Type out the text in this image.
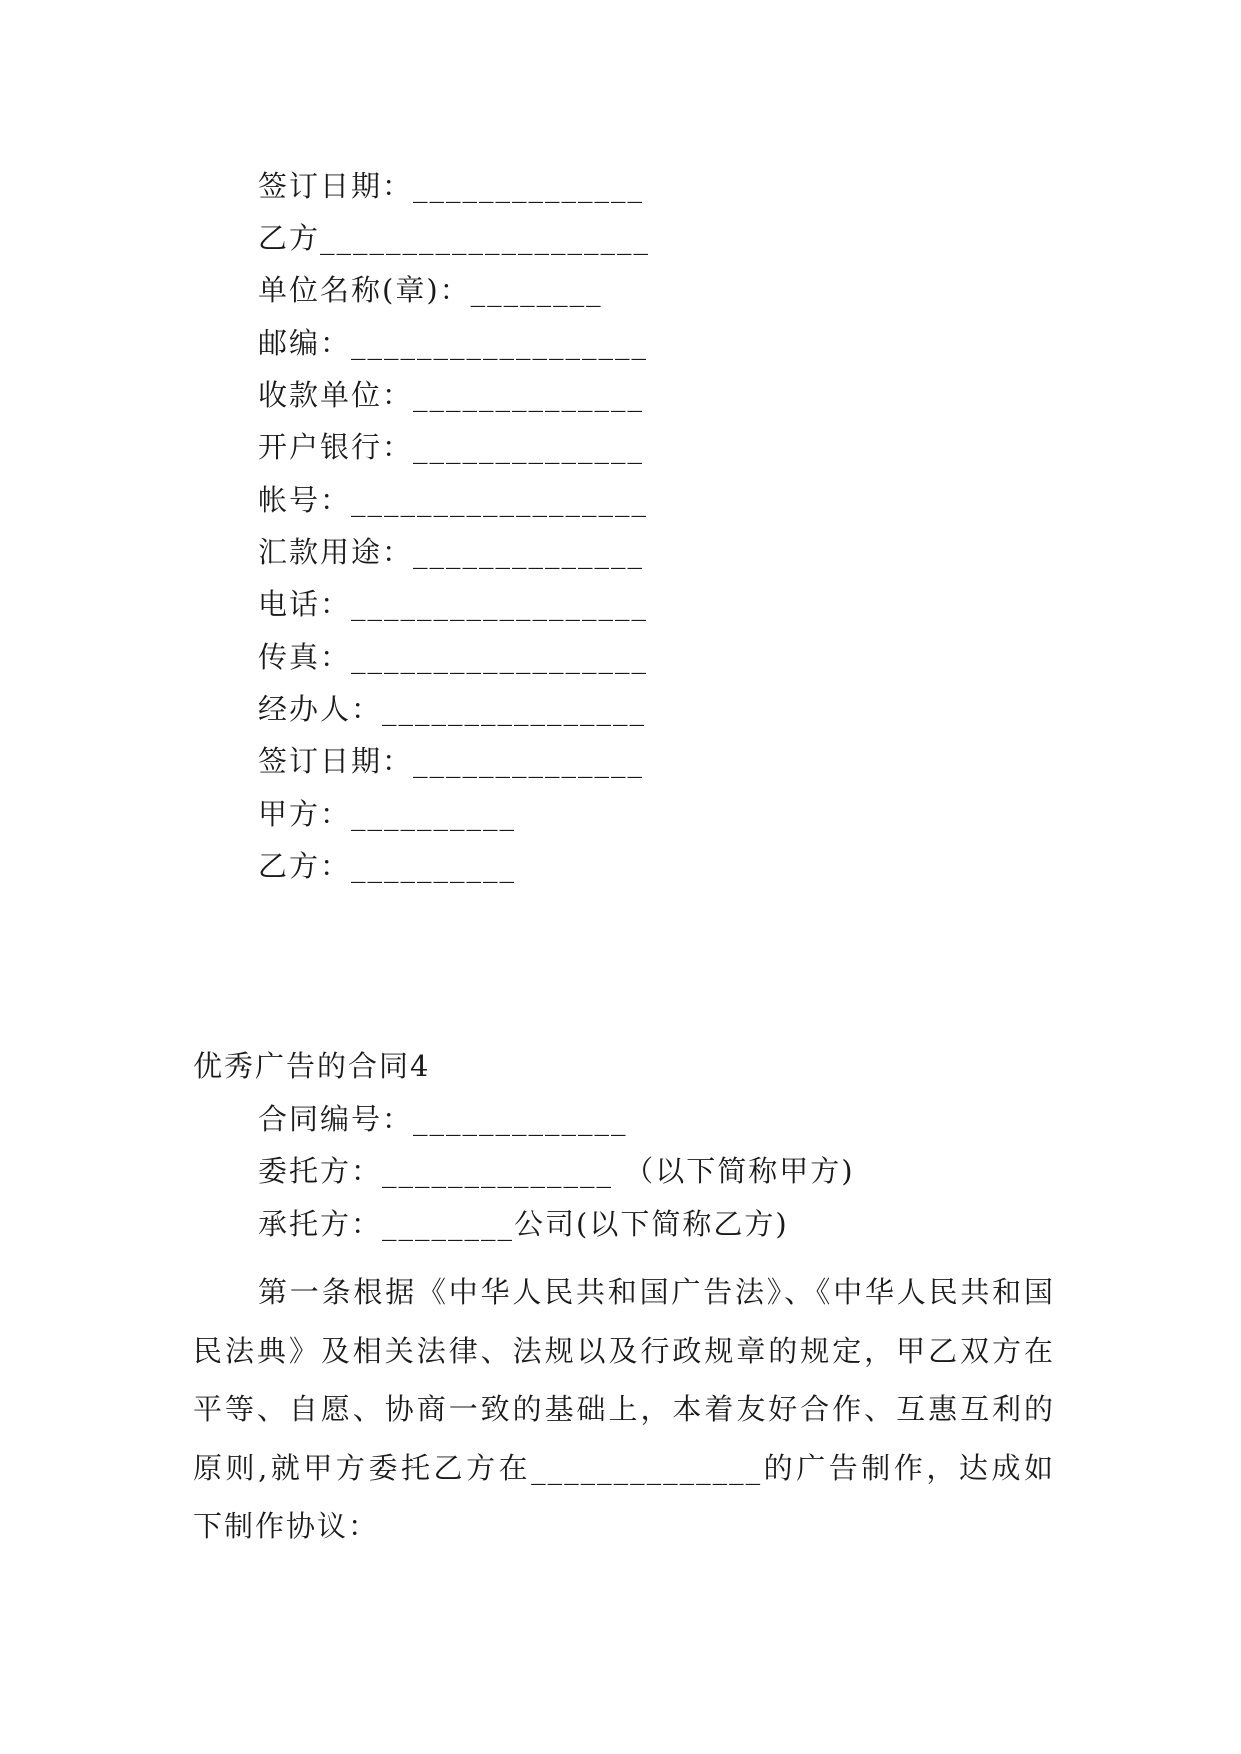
签订日期：______________
乙方____________________
单位名称(章)：________
邮编：__________________
收款单位：______________
开户银行：______________
帐号：__________________
汇款用途：______________
电话：__________________
传真：__________________
经办人：________________
签订日期：______________
甲方：__________
乙方：__________
优秀广告的合同4
合同编号：_____________
委托方：______________ （以下简称甲方)
承托方：________公司(以下简称乙方)
第一条根据《中华人民共和国广告法》、《中华人民共和国民法典》及相关法律、法规以及行政规章的规定，甲乙双方在平等、自愿、协商一致的基础上，本着友好合作、互惠互利的原则,就甲方委托乙方在______________的广告制作，达成如下制作协议：
